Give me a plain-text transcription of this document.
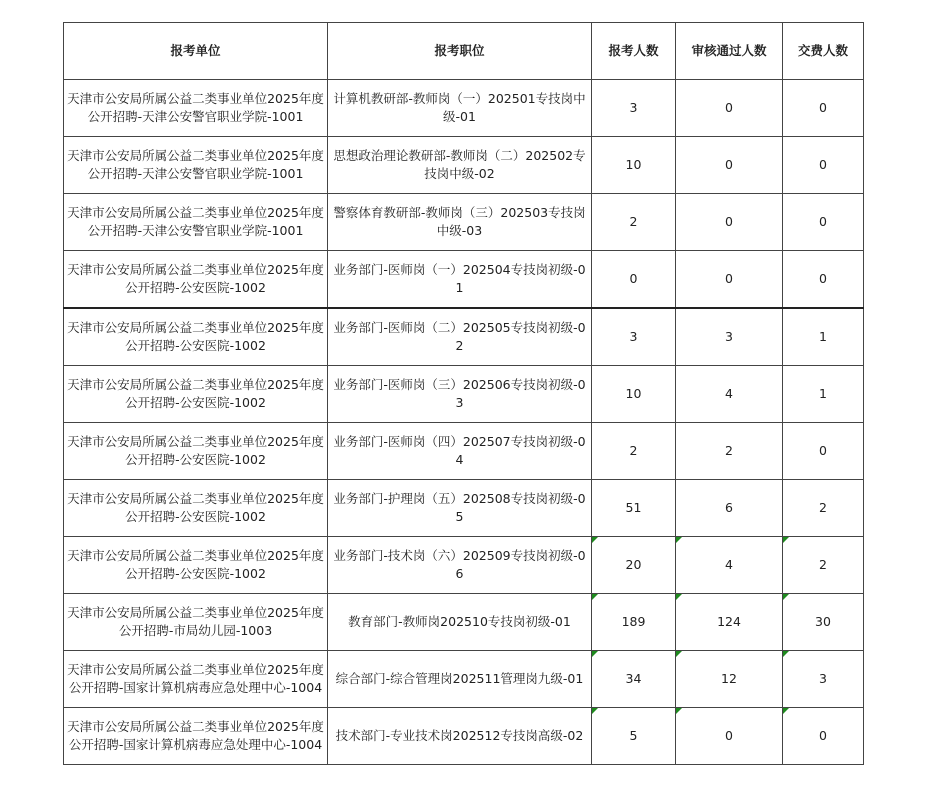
报考单位	报考职位	报考人数	审核通过人数	交费人数
天津市公安局所属公益二类事业单位2025年度公开招聘-天津公安警官职业学院-1001	计算机教研部-教师岗（一）202501专技岗中级-01	3	0	0
天津市公安局所属公益二类事业单位2025年度公开招聘-天津公安警官职业学院-1001	思想政治理论教研部-教师岗（二）202502专技岗中级-02	10	0	0
天津市公安局所属公益二类事业单位2025年度公开招聘-天津公安警官职业学院-1001	警察体育教研部-教师岗（三）202503专技岗中级-03	2	0	0
天津市公安局所属公益二类事业单位2025年度公开招聘-公安医院-1002	业务部门-医师岗（一）202504专技岗初级-01	0	0	0
天津市公安局所属公益二类事业单位2025年度公开招聘-公安医院-1002	业务部门-医师岗（二）202505专技岗初级-02	3	3	1
天津市公安局所属公益二类事业单位2025年度公开招聘-公安医院-1002	业务部门-医师岗（三）202506专技岗初级-03	10	4	1
天津市公安局所属公益二类事业单位2025年度公开招聘-公安医院-1002	业务部门-医师岗（四）202507专技岗初级-04	2	2	0
天津市公安局所属公益二类事业单位2025年度公开招聘-公安医院-1002	业务部门-护理岗（五）202508专技岗初级-05	51	6	2
天津市公安局所属公益二类事业单位2025年度公开招聘-公安医院-1002	业务部门-技术岗（六）202509专技岗初级-06	20	4	2
天津市公安局所属公益二类事业单位2025年度公开招聘-市局幼儿园-1003	教育部门-教师岗202510专技岗初级-01	189	124	30
天津市公安局所属公益二类事业单位2025年度公开招聘-国家计算机病毒应急处理中心-1004	综合部门-综合管理岗202511管理岗九级-01	34	12	3
天津市公安局所属公益二类事业单位2025年度公开招聘-国家计算机病毒应急处理中心-1004	技术部门-专业技术岗202512专技岗高级-02	5	0	0
